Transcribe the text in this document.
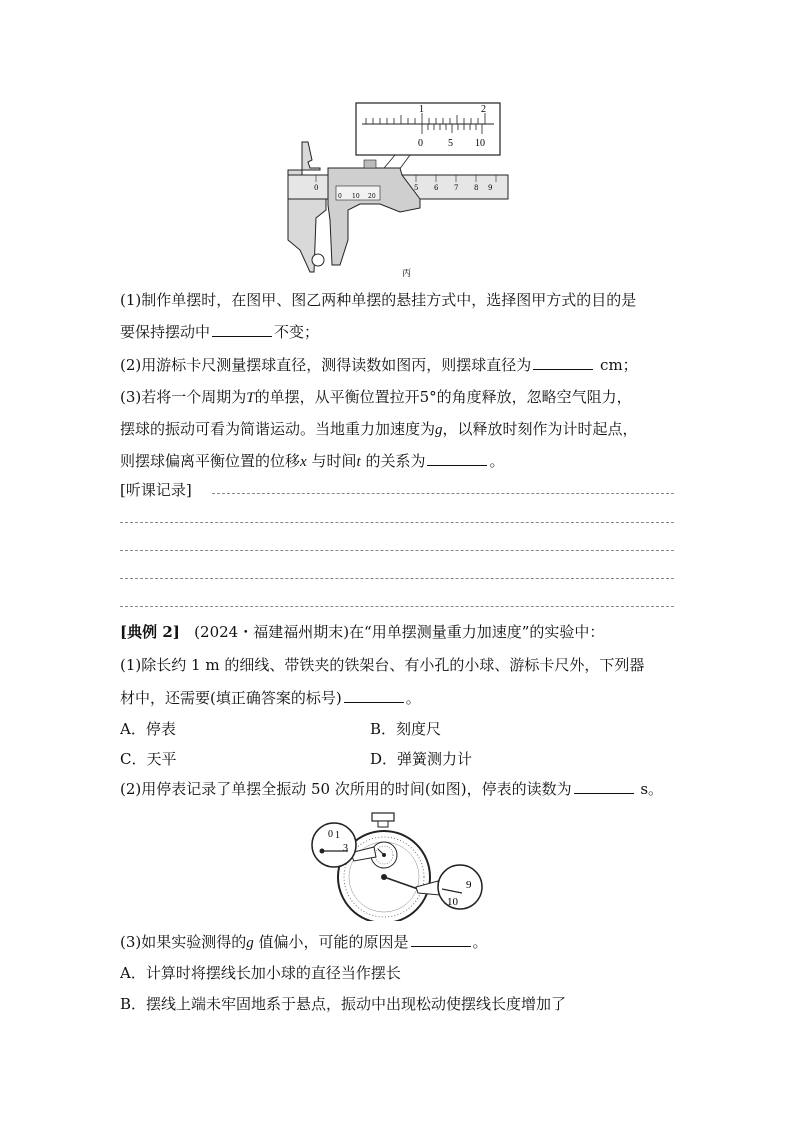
1	2
0	5 10
0	5 6 7 8 9
0 10 20
丙
(1)制作单摆时，在图甲、图乙两种单摆的悬挂方式中，选择图甲方式的目的是
要保持摆动中	不变；
(2)用游标卡尺测量摆球直径，测得读数如图丙，则摆球直径为	cm；
(3)若将一个周期为T的单摆，从平衡位置拉开5°的角度释放，忽略空气阻力，
摆球的振动可看为简谐运动。当地重力加速度为g，以释放时刻作为计时起点，
则摆球偏离平衡位置的位移x 与时间t 的关系为	。
[听课记录]
[典例 2] (2024・福建福州期末)在“用单摆测量重力加速度”的实验中：
(1)除长约 1 m 的细线、带铁夹的铁架台、有小孔的小球、游标卡尺外，下列器
材中，还需要(填正确答案的标号)	。
A．停表	B．刻度尺
C．天平	D．弹簧测力计
(2)用停表记录了单摆全振动 50 次所用的时间(如图)，停表的读数为	s。
0 1
3
9
10
(3)如果实验测得的g 值偏小，可能的原因是	。
A．计算时将摆线长加小球的直径当作摆长
B．摆线上端未牢固地系于悬点，振动中出现松动使摆线长度增加了
